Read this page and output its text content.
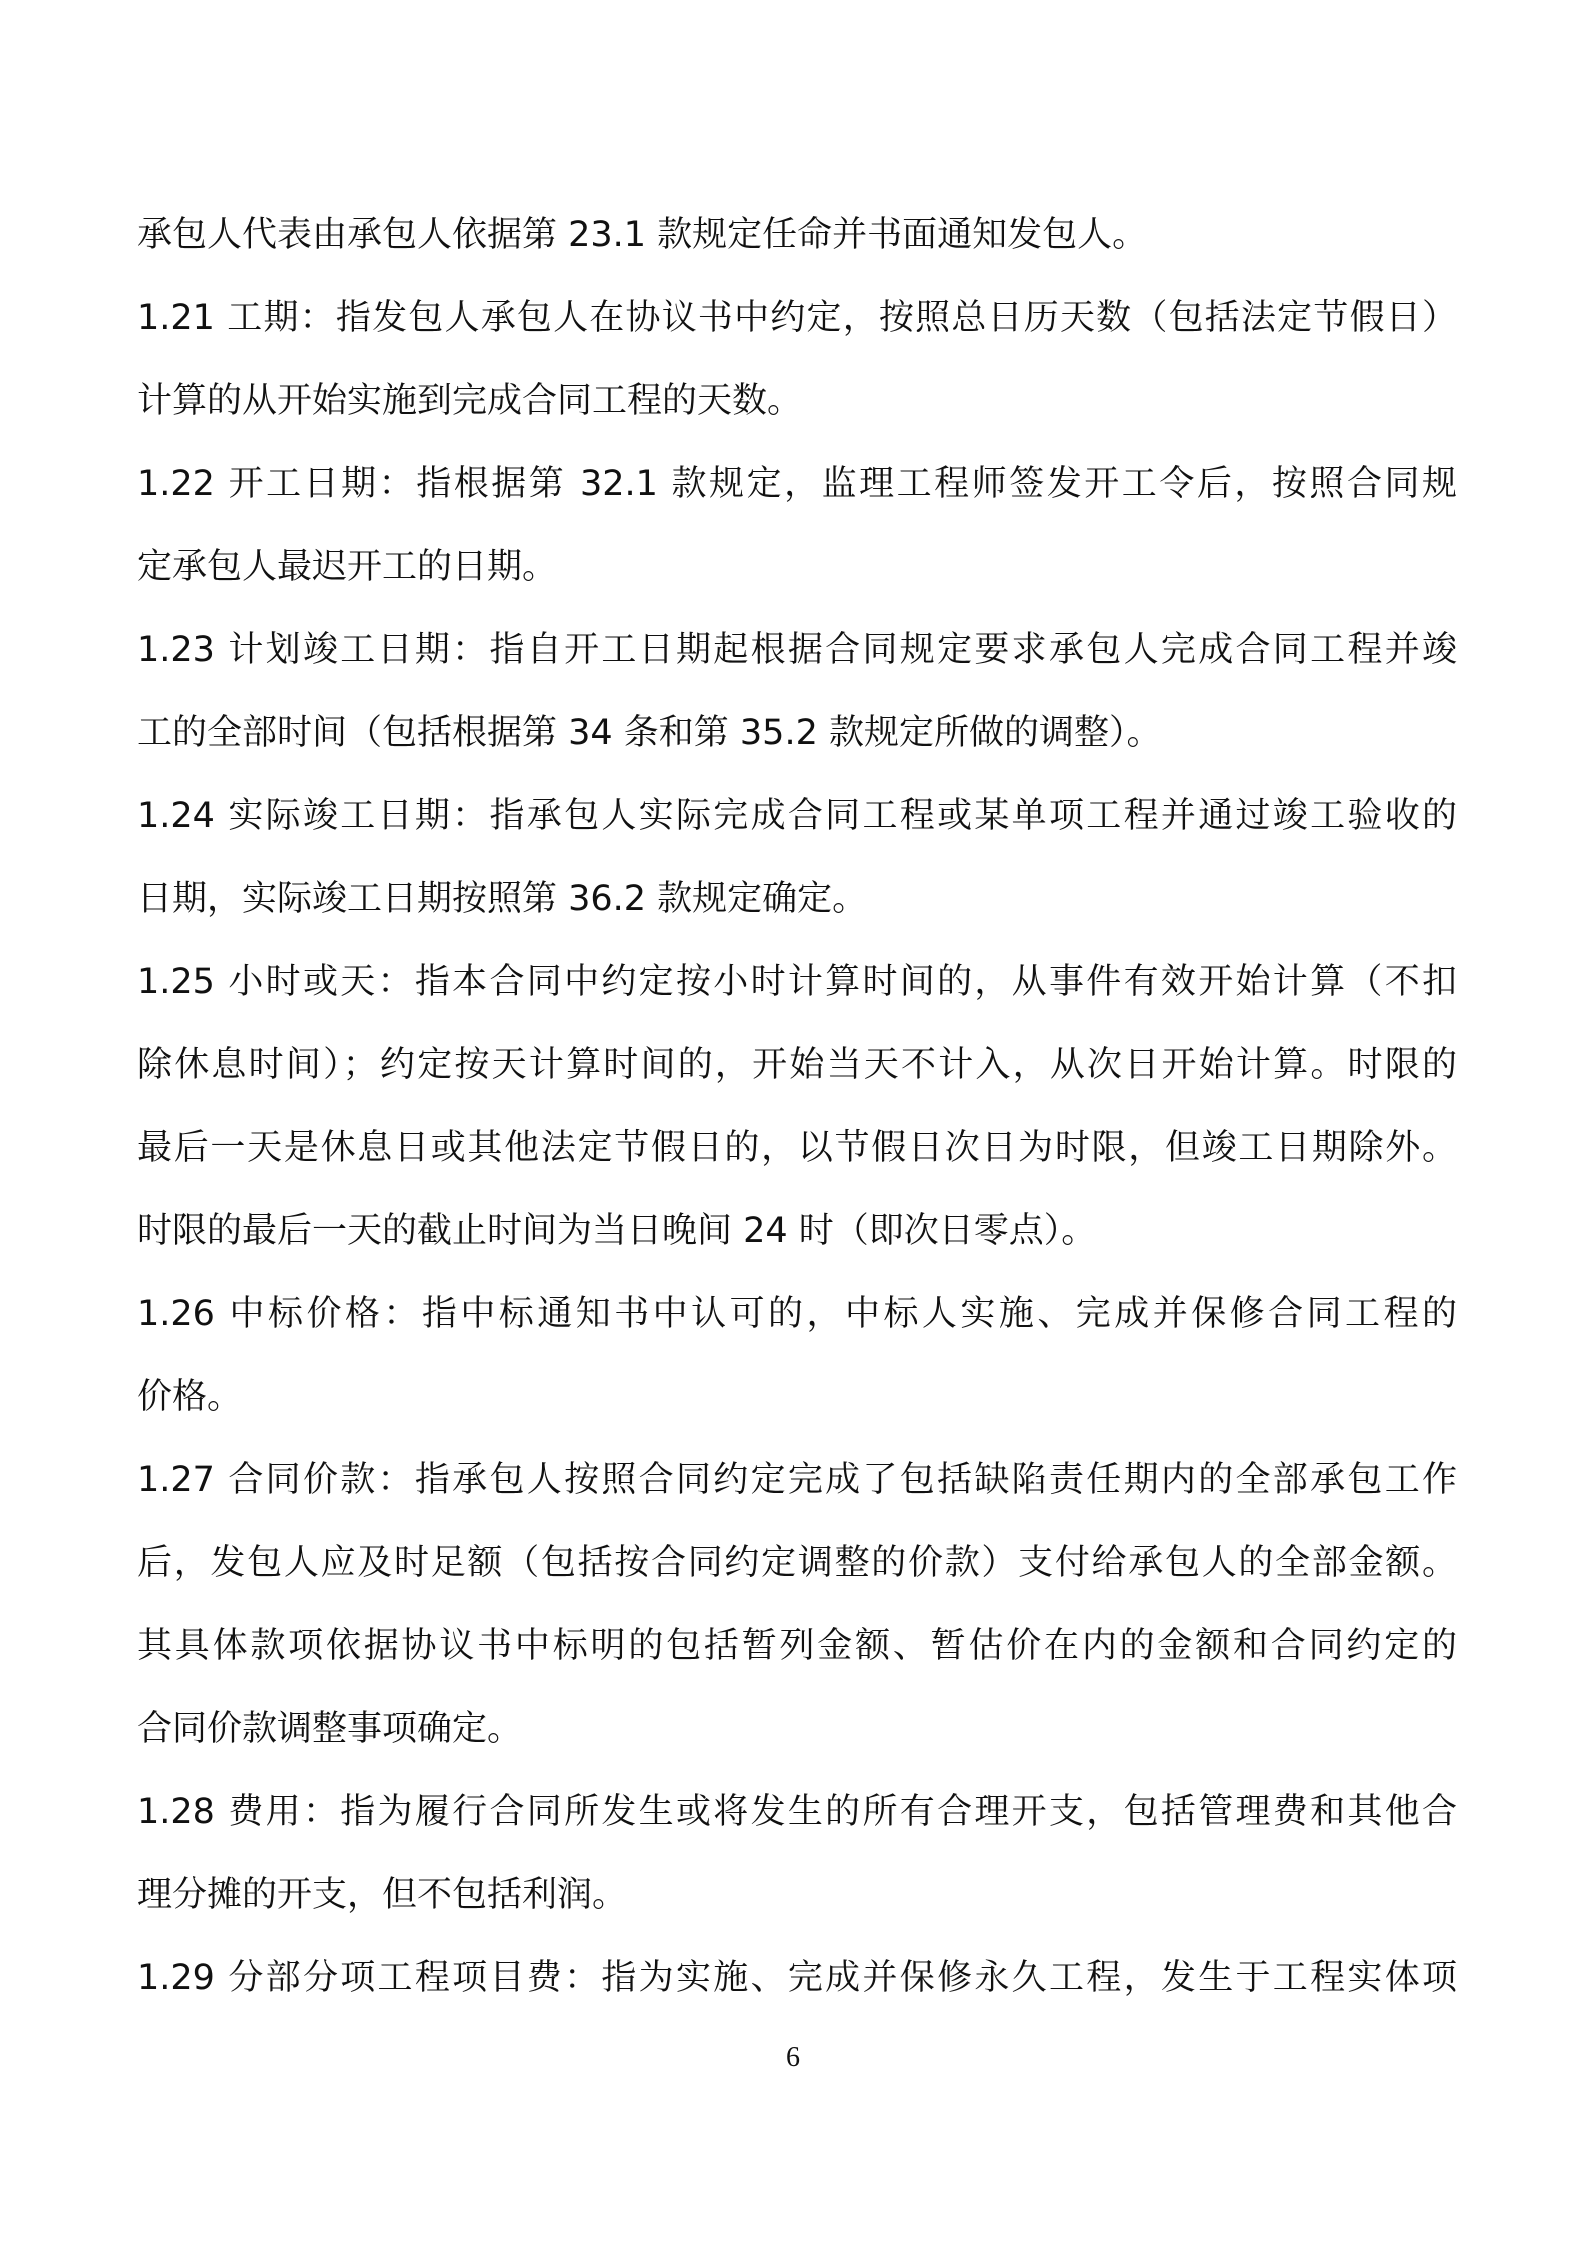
承包人代表由承包人依据第 23.1 款规定任命并书面通知发包人。
1.21 工期：指发包人承包人在协议书中约定，按照总日历天数（包括法定节假日）
计算的从开始实施到完成合同工程的天数。
1.22 开工日期：指根据第 32.1 款规定，监理工程师签发开工令后，按照合同规
定承包人最迟开工的日期。
1.23 计划竣工日期：指自开工日期起根据合同规定要求承包人完成合同工程并竣
工的全部时间（包括根据第 34 条和第 35.2 款规定所做的调整）。
1.24 实际竣工日期：指承包人实际完成合同工程或某单项工程并通过竣工验收的
日期，实际竣工日期按照第 36.2 款规定确定。
1.25 小时或天：指本合同中约定按小时计算时间的，从事件有效开始计算（不扣
除休息时间）；约定按天计算时间的，开始当天不计入，从次日开始计算。时限的
最后一天是休息日或其他法定节假日的，以节假日次日为时限，但竣工日期除外。
时限的最后一天的截止时间为当日晚间 24 时（即次日零点）。
1.26 中标价格：指中标通知书中认可的，中标人实施、完成并保修合同工程的
价格。
1.27 合同价款：指承包人按照合同约定完成了包括缺陷责任期内的全部承包工作
后，发包人应及时足额（包括按合同约定调整的价款）支付给承包人的全部金额。
其具体款项依据协议书中标明的包括暂列金额、暂估价在内的金额和合同约定的
合同价款调整事项确定。
1.28 费用：指为履行合同所发生或将发生的所有合理开支，包括管理费和其他合
理分摊的开支，但不包括利润。
1.29 分部分项工程项目费：指为实施、完成并保修永久工程，发生于工程实体项
6
